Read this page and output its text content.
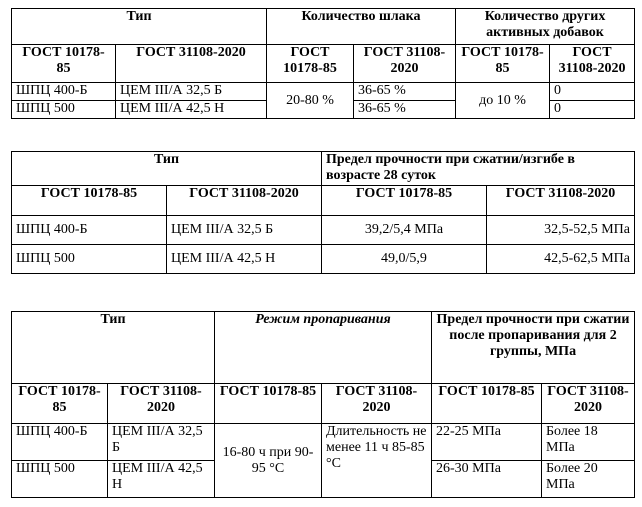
Тип		Количество шлака		Количество других активных добавок	
ГОСТ 10178-85	ГОСТ 31108-2020	ГОСТ 10178-85	ГОСТ 31108-2020	ГОСТ 10178-85	ГОСТ 31108-2020
ШПЦ 400-Б	ЦЕМ III/А 32,5 Б	20-80 %	36-65 %	до 10 %	0
ШПЦ 500	ЦЕМ III/А 42,5 Н		36-65 %		0
Тип		Предел прочности при сжатии/изгибе в возрасте 28 суток	
ГОСТ 10178-85	ГОСТ 31108-2020	ГОСТ 10178-85	ГОСТ 31108-2020
ШПЦ 400-Б	ЦЕМ III/А 32,5 Б	39,2/5,4 МПа	32,5-52,5 МПа
ШПЦ 500	ЦЕМ III/А 42,5 Н	49,0/5,9	42,5-62,5 МПа
Тип		Режим пропаривания		Предел прочности при сжатии после пропаривания для 2 группы, МПа	
ГОСТ 10178-85	ГОСТ 31108-2020	ГОСТ 10178-85	ГОСТ 31108-2020	ГОСТ 10178-85	ГОСТ 31108-2020
ШПЦ 400-Б	ЦЕМ III/А 32,5 Б	16-80 ч при 90-95 °С	Длительность не менее 11 ч 85-85 °С	22-25 МПа	Более 18 МПа
ШПЦ 500	ЦЕМ III/А 42,5 Н			26-30 МПа	Более 20 МПа
